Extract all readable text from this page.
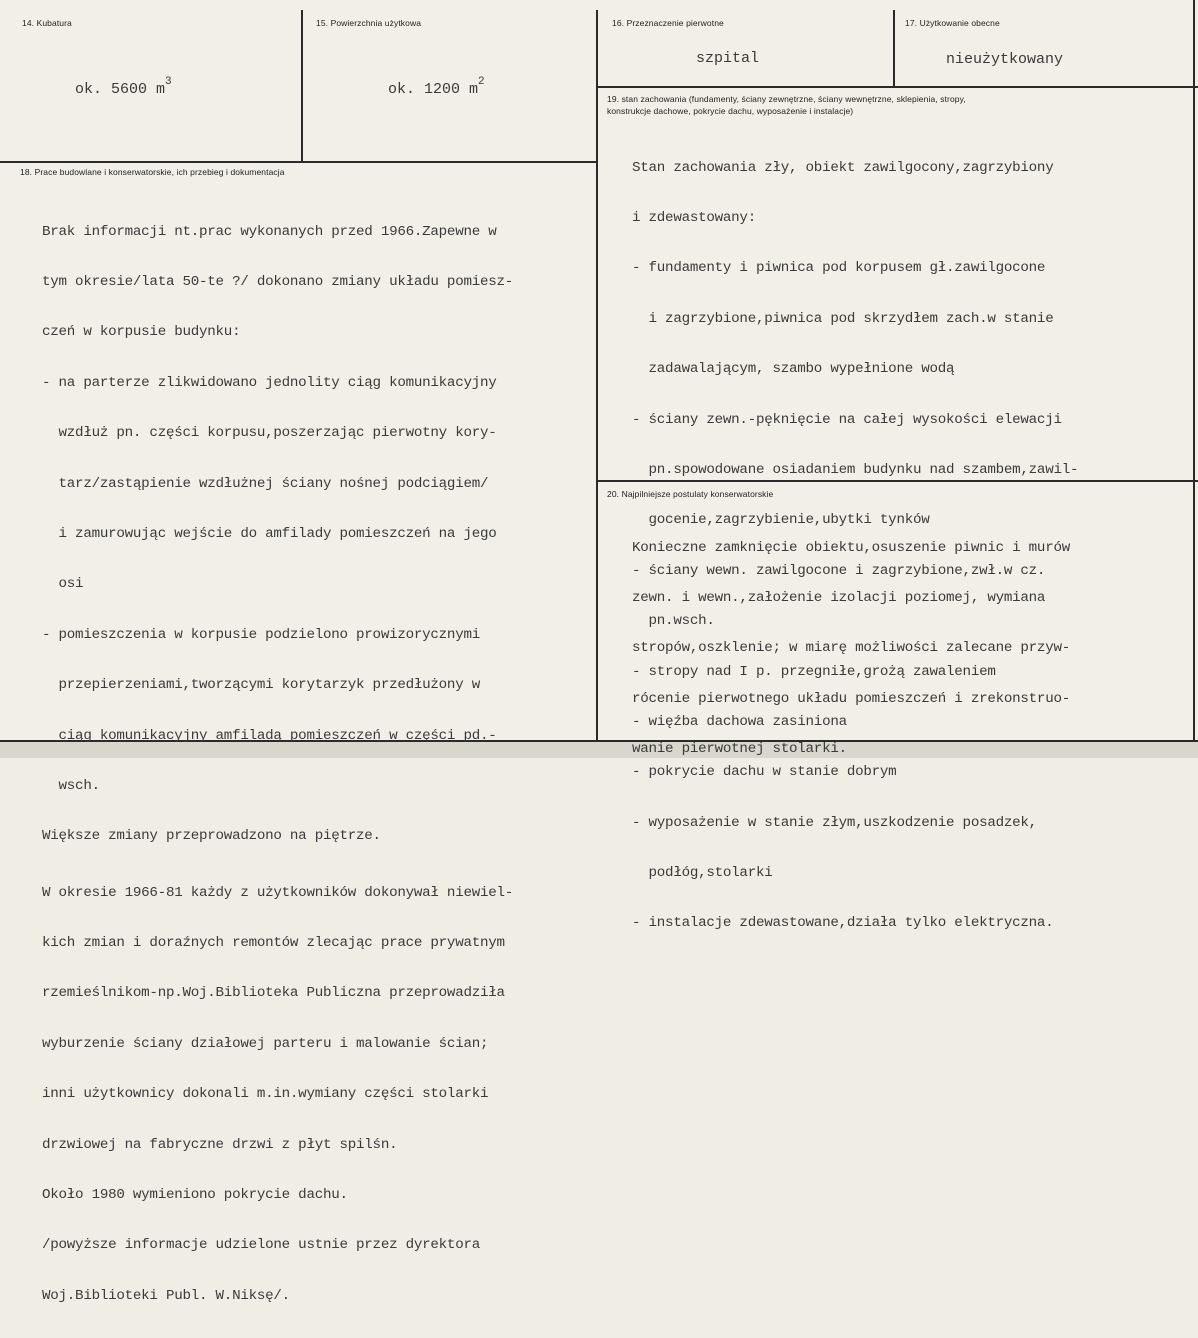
14. Kubatura
ok. 5600 $m^3$
15. Powierzchnia użytkowa
ok. 1200 $m^2$
16. Przeznaczenie pierwotne
szpital
17. Użytkowanie obecne
nieużytkowany
18. Prace budowlane i konserwatorskie, ich przebieg i dokumentacja

Brak informacji nt.prac wykonanych przed 1966.Zapewne w

tym okresie/lata 50-te ?/ dokonano zmiany układu pomiesz-

czeń w korpusie budynku:

- na parterze zlikwidowano jednolity ciąg komunikacyjny

wzdłuż pn. części korpusu,poszerzając pierwotny kory-

tarz/zastąpienie wzdłużnej ściany nośnej podciągiem/

i zamurowując wejście do amfilady pomieszczeń na jego

osi

- pomieszczenia w korpusie podzielono prowizorycznymi

przepierzeniami,tworzącymi korytarzyk przedłużony w

ciąg komunikacyjny amfiladą pomieszczeń w części pd.-

wsch.

Większe zmiany przeprowadzono na piętrze.

W okresie 1966-81 każdy z użytkowników dokonywał niewiel-

kich zmian i doraźnych remontów zlecając prace prywatnym

rzemieślnikom-np.Woj.Biblioteka Publiczna przeprowadziła

wyburzenie ściany działowej parteru i malowanie ścian;

inni użytkownicy dokonali m.in.wymiany części stolarki

drzwiowej na fabryczne drzwi z płyt spilśn.

Około 1980 wymieniono pokrycie dachu.

/powyższe informacje udzielone ustnie przez dyrektora

Woj.Biblioteki Publ. W.Niksę/.

19. stan zachowania (fundamenty, ściany zewnętrzne, ściany wewnętrzne, sklepienia, stropy,
konstrukcje dachowe, pokrycie dachu, wyposażenie i instalacje)

Stan zachowania zły, obiekt zawilgocony,zagrzybiony

i zdewastowany:

- fundamenty i piwnica pod korpusem gł.zawilgocone

i zagrzybione,piwnica pod skrzydłem zach.w stanie

zadawalającym, szambo wypełnione wodą

- ściany zewn.-pęknięcie na całej wysokości elewacji

pn.spowodowane osiadaniem budynku nad szambem,zawil-

gocenie,zagrzybienie,ubytki tynków

- ściany wewn. zawilgocone i zagrzybione,zwł.w cz.

pn.wsch.

- stropy nad I p. przegniłe,grożą zawaleniem

- więźba dachowa zasiniona

- pokrycie dachu w stanie dobrym

- wyposażenie w stanie złym,uszkodzenie posadzek,

podłóg,stolarki

- instalacje zdewastowane,działa tylko elektryczna.

20. Najpilniejsze postulaty konserwatorskie

Konieczne zamknięcie obiektu,osuszenie piwnic i murów

zewn. i wewn.,założenie izolacji poziomej, wymiana

stropów,oszklenie; w miarę możliwości zalecane przyw-

rócenie pierwotnego układu pomieszczeń i zrekonstruo-

wanie pierwotnej stolarki.
